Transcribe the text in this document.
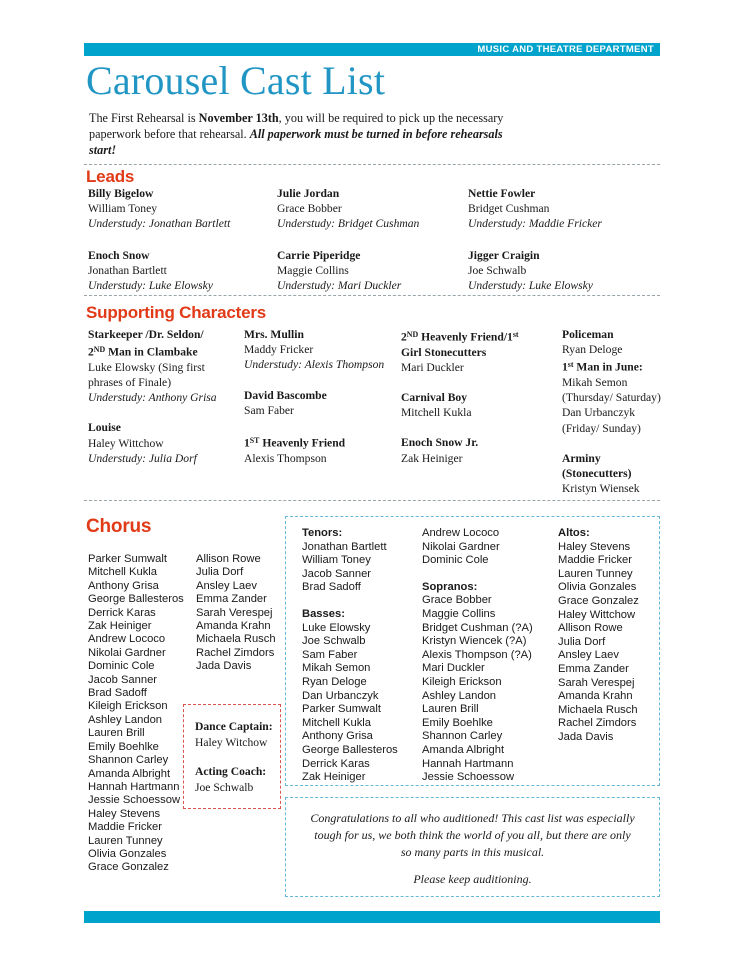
MUSIC AND THEATRE DEPARTMENT
Carousel Cast List
The First Rehearsal is November 13th, you will be required to pick up the necessary paperwork before that rehearsal. All paperwork must be turned in before rehearsals start!
Leads
Billy Bigelow
William Toney
Understudy: Jonathan Bartlett
Julie Jordan
Grace Bobber
Understudy: Bridget Cushman
Nettie Fowler
Bridget Cushman
Understudy: Maddie Fricker
Enoch Snow
Jonathan Bartlett
Understudy: Luke Elowsky
Carrie Piperidge
Maggie Collins
Understudy: Mari Duckler
Jigger Craigin
Joe Schwalb
Understudy: Luke Elowsky
Supporting Characters
Starkeeper /Dr. Seldon/
2ND Man in Clambake
Luke Elowsky (Sing first phrases of Finale)
Understudy: Anthony Grisa
Louise
Haley Wittchow
Understudy: Julia Dorf
Mrs. Mullin
Maddy Fricker
Understudy: Alexis Thompson
David Bascombe
Sam Faber
1ST Heavenly Friend
Alexis Thompson
2ND Heavenly Friend/1st
Girl Stonecutters
Mari Duckler
Carnival Boy
Mitchell Kukla
Enoch Snow Jr.
Zak Heiniger
Policeman
Ryan Deloge
1st Man in June:
Mikah Semon (Thursday/ Saturday)
Dan Urbanczyk (Friday/ Sunday)
Arminy (Stonecutters)
Kristyn Wiensek
Chorus
Parker Sumwalt
Mitchell Kukla
Anthony Grisa
George Ballesteros
Derrick Karas
Zak Heiniger
Andrew Lococo
Nikolai Gardner
Dominic Cole
Jacob Sanner
Brad Sadoff
Kileigh Erickson
Ashley Landon
Lauren Brill
Emily Boehlke
Shannon Carley
Amanda Albright
Hannah Hartmann
Jessie Schoessow
Haley Stevens
Maddie Fricker
Lauren Tunney
Olivia Gonzales
Grace Gonzalez
Allison Rowe
Julia Dorf
Ansley Laev
Emma Zander
Sarah Verespej
Amanda Krahn
Michaela Rusch
Rachel Zimdors
Jada Davis
Dance Captain:
Haley Witchow
Acting Coach:
Joe Schwalb
Tenors:
Jonathan Bartlett
William Toney
Jacob Sanner
Brad Sadoff
Basses:
Luke Elowsky
Joe Schwalb
Sam Faber
Mikah Semon
Ryan Deloge
Dan Urbanczyk
Parker Sumwalt
Mitchell Kukla
Anthony Grisa
George Ballesteros
Derrick Karas
Zak Heiniger
Andrew Lococo
Nikolai Gardner
Dominic Cole
Sopranos:
Grace Bobber
Maggie Collins
Bridget Cushman (?A)
Kristyn Wiencek (?A)
Alexis Thompson (?A)
Mari Duckler
Kileigh Erickson
Ashley Landon
Lauren Brill
Emily Boehlke
Shannon Carley
Amanda Albright
Hannah Hartmann
Jessie Schoessow
Altos:
Haley Stevens
Maddie Fricker
Lauren Tunney
Olivia Gonzales
Grace Gonzalez
Haley Wittchow
Allison Rowe
Julia Dorf
Ansley Laev
Emma Zander
Sarah Verespej
Amanda Krahn
Michaela Rusch
Rachel Zimdors
Jada Davis
Congratulations to all who auditioned! This cast list was especially tough for us, we both think the world of you all, but there are only so many parts in this musical.
Please keep auditioning.
